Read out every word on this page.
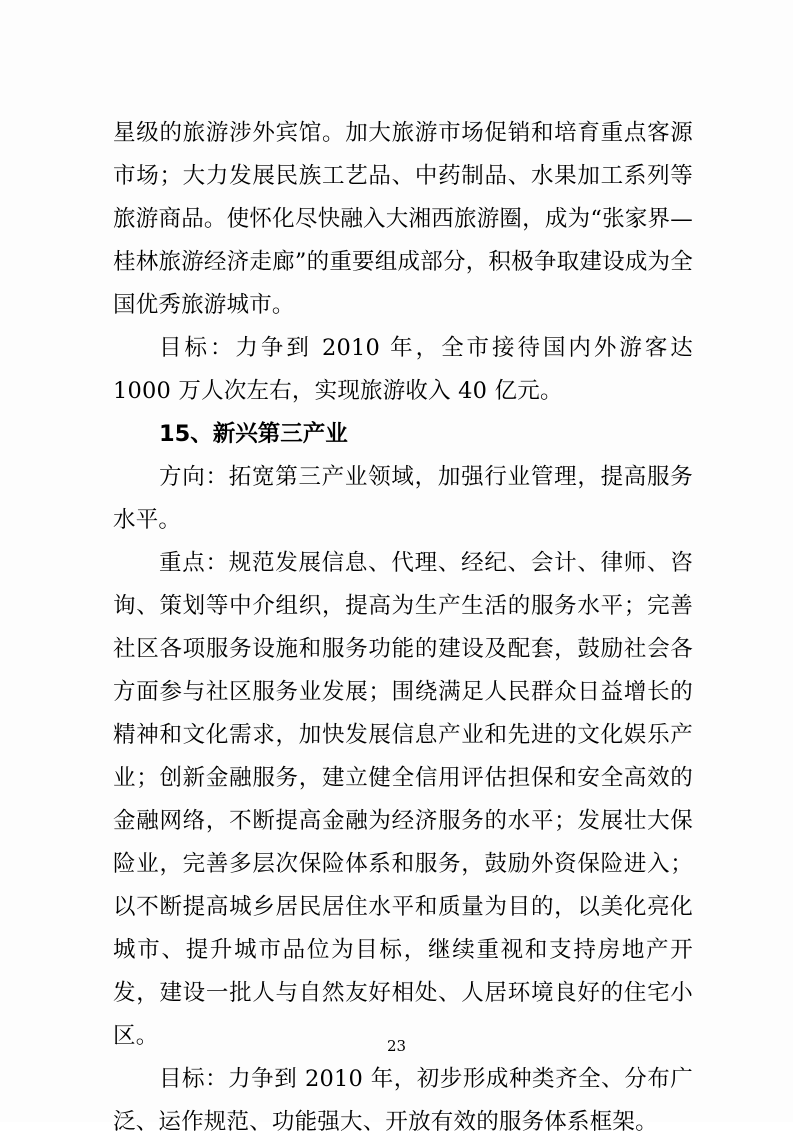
星级的旅游涉外宾馆。加大旅游市场促销和培育重点客源市场；大力发展民族工艺品、中药制品、水果加工系列等旅游商品。使怀化尽快融入大湘西旅游圈，成为“张家界—桂林旅游经济走廊”的重要组成部分，积极争取建设成为全国优秀旅游城市。

目标：力争到 2010 年，全市接待国内外游客达 1000 万人次左右，实现旅游收入 40 亿元。

15、新兴第三产业

方向：拓宽第三产业领域，加强行业管理，提高服务水平。

重点：规范发展信息、代理、经纪、会计、律师、咨询、策划等中介组织，提高为生产生活的服务水平；完善社区各项服务设施和服务功能的建设及配套，鼓励社会各方面参与社区服务业发展；围绕满足人民群众日益增长的精神和文化需求，加快发展信息产业和先进的文化娱乐产业；创新金融服务，建立健全信用评估担保和安全高效的金融网络，不断提高金融为经济服务的水平；发展壮大保险业，完善多层次保险体系和服务，鼓励外资保险进入；以不断提高城乡居民居住水平和质量为目的，以美化亮化城市、提升城市品位为目标，继续重视和支持房地产开发，建设一批人与自然友好相处、人居环境良好的住宅小区。

目标：力争到 2010 年，初步形成种类齐全、分布广泛、运作规范、功能强大、开放有效的服务体系框架。

23
